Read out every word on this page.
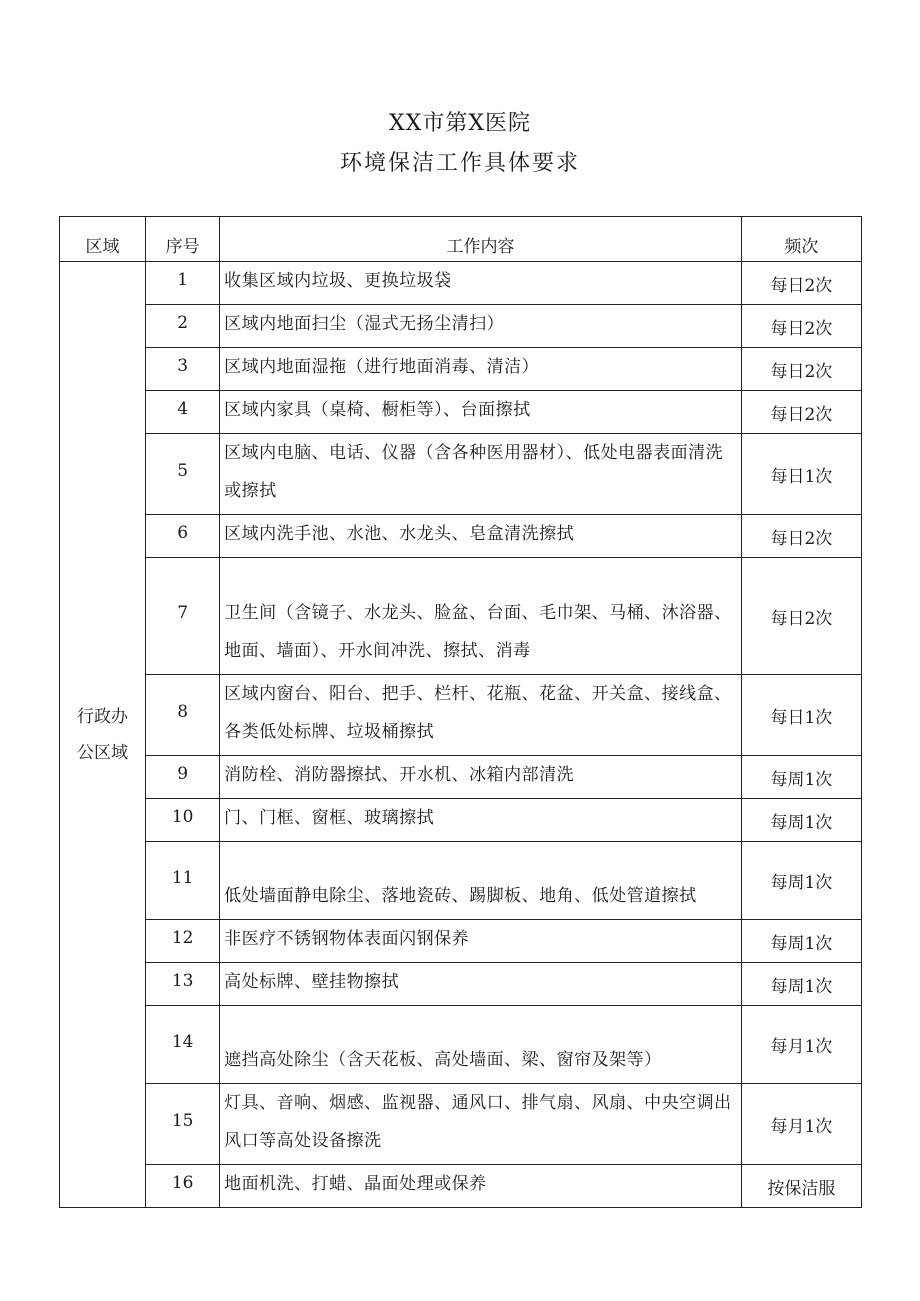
XX市第X医院
环境保洁工作具体要求
区域	序号	工作内容	频次

行政办公区域	1	收集区域内垃圾、更换垃圾袋	每日2次
	2	区域内地面扫尘（湿式无扬尘清扫）	每日2次
	3	区域内地面湿拖（进行地面消毒、清洁）	每日2次
	4	区域内家具（桌椅、橱柜等）、台面擦拭	每日2次
	5	区域内电脑、电话、仪器（含各种医用器材）、低处电器表面清洗或擦拭	每日1次
	6	区域内洗手池、水池、水龙头、皂盒清洗擦拭	每日2次
	7	卫生间（含镜子、水龙头、脸盆、台面、毛巾架、马桶、沐浴器、地面、墙面）、开水间冲洗、擦拭、消毒	每日2次
	8	区域内窗台、阳台、把手、栏杆、花瓶、花盆、开关盒、接线盒、各类低处标牌、垃圾桶擦拭	每日1次
	9	消防栓、消防器擦拭、开水机、冰箱内部清洗	每周1次
	10	门、门框、窗框、玻璃擦拭	每周1次
	11	低处墙面静电除尘、落地瓷砖、踢脚板、地角、低处管道擦拭	每周1次
	12	非医疗不锈钢物体表面闪钢保养	每周1次
	13	高处标牌、壁挂物擦拭	每周1次
	14	遮挡高处除尘（含天花板、高处墙面、梁、窗帘及架等）	每月1次
	15	灯具、音响、烟感、监视器、通风口、排气扇、风扇、中央空调出风口等高处设备擦洗	每月1次
	16	地面机洗、打蜡、晶面处理或保养	按保洁服
